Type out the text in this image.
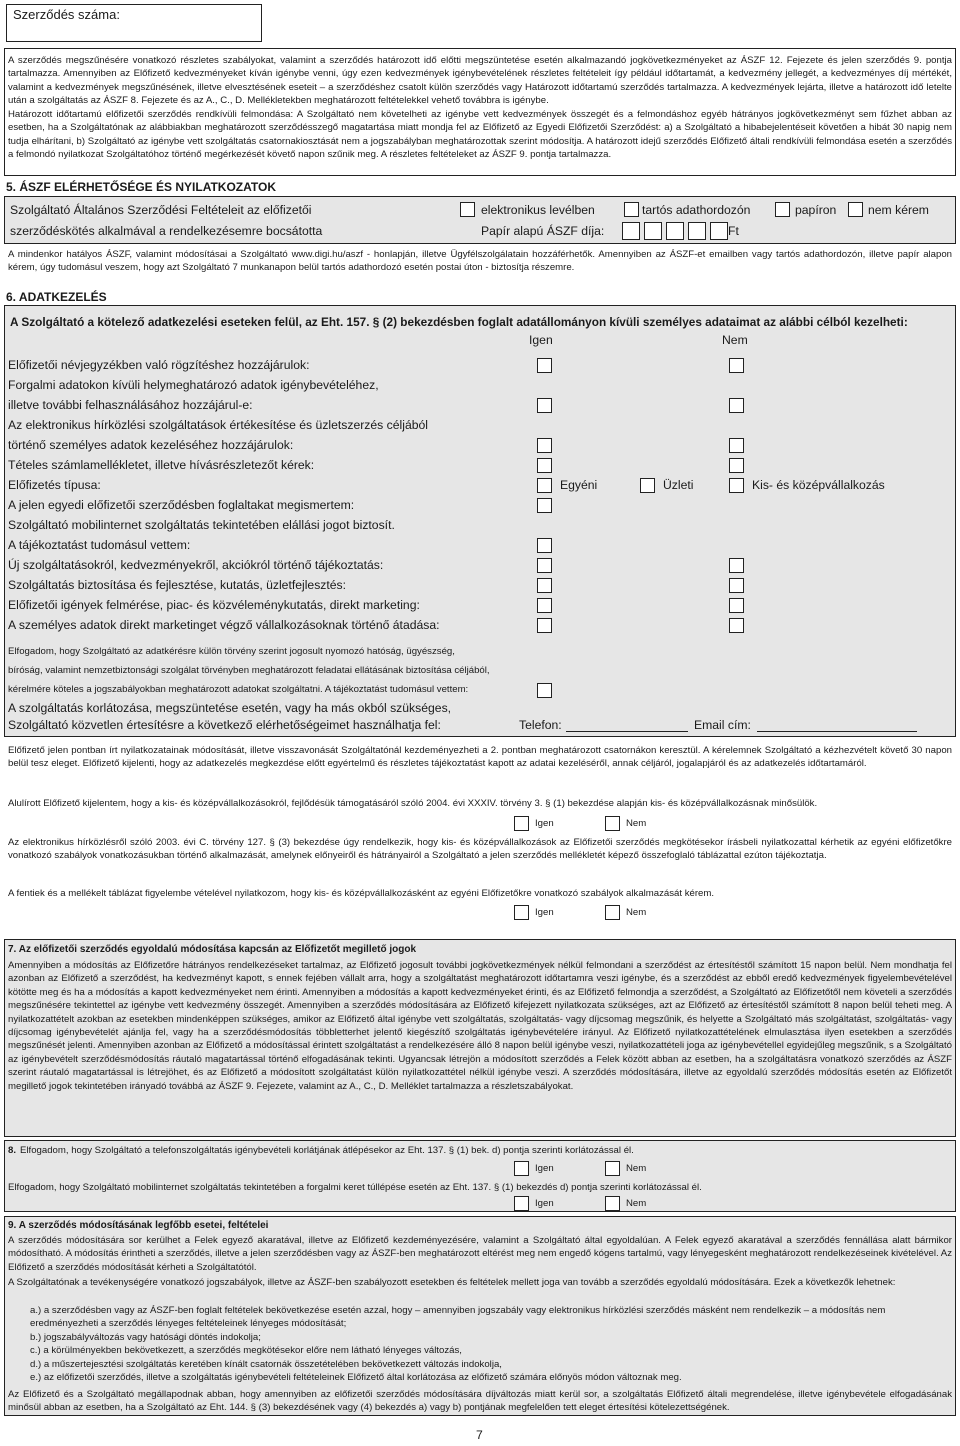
Szerződés száma:

A szerződés megszűnésére vonatkozó részletes szabályokat, valamint a szerződés határozott idő előtti megszüntetése esetén alkalmazandó jogkövetkezményeket az ÁSZF 12. Fejezete és jelen szerződés 9. pontja tartalmazza. Amennyiben az Előfizető kedvezményeket kíván igénybe venni, úgy ezen kedvezmények igénybevételének részletes feltételeit így például időtartamát, a kedvezmény jellegét, a kedvezményes díj mértékét, valamint a kedvezmények megszűnésének, illetve elvesztésének eseteit – a szerződéshez csatolt külön szerződés vagy Határozott időtartamú szerződés tartalmazza. A kedvezmények lejárta, illetve a határozott idő letelte után a szolgáltatás az ÁSZF 8. Fejezete és az A., C., D. Mellékletekben meghatározott feltételekkel vehető továbbra is igénybe.

Határozott időtartamú előfizetői szerződés rendkívüli felmondása: A Szolgáltató nem követelheti az igénybe vett kedvezmények összegét és a felmondáshoz egyéb hátrányos jogkövetkezményt sem fűzhet abban az esetben, ha a Szolgáltatónak az alábbiakban meghatározott szerződésszegő magatartása miatt mondja fel az Előfizető az Egyedi Előfizetői Szerződést: a) a Szolgáltató a hibabejelentéseit követően a hibát 30 napig nem tudja elhárítani, b) Szolgáltató az igénybe vett szolgáltatás csatornakiosztását nem a jogszabályban meghatározottak szerint módosítja. A határozott idejű szerződés Előfizető általi rendkívüli felmondása esetén a szerződés a felmondó nyilatkozat Szolgáltatóhoz történő megérkezését követő napon szűnik meg. A részletes feltételeket az ÁSZF 9. pontja tartalmazza.

5. ÁSZF ELÉRHETŐSÉGE ÉS NYILATKOZATOK
Szolgáltató Általános Szerződési Feltételeit az előfizetői
szerződéskötés alkalmával a rendelkezésemre bocsátotta
elektronikus levélben	tartós adathordozón	papíron	nem kérem
Papír alapú ÁSZF díja:	Ft

A mindenkor hatályos ÁSZF, valamint módosításai a Szolgáltató www.digi.hu/aszf - honlapján, illetve Ügyfélszolgálatain hozzáférhetők. Amennyiben az ÁSZF-et emailben vagy tartós adathordozón, illetve papír alapon kérem, úgy tudomásul veszem, hogy azt Szolgáltató 7 munkanapon belül tartós adathordozó esetén postai úton - biztosítja részemre.

6. ADATKEZELÉS
A Szolgáltató a kötelező adatkezelési eseteken felül, az Eht. 157. § (2) bekezdésben foglalt adatállományon kívüli személyes adataimat az alábbi célból kezelheti:
Igen	Nem
Előfizetői névjegyzékben való rögzítéshez hozzájárulok:
Forgalmi adatokon kívüli helymeghatározó adatok igénybevételéhez,
illetve további felhasználásához hozzájárul-e:
Az elektronikus hírközlési szolgáltatások értékesítése és üzletszerzés céljából
történő személyes adatok kezeléséhez hozzájárulok:
Tételes számlamellékletet, illetve hívásrészletezőt kérek:
Előfizetés típusa:	Egyéni	Üzleti	Kis- és középvállalkozás
A jelen egyedi előfizetői szerződésben foglaltakat megismertem:
Szolgáltató mobilinternet szolgáltatás tekintetében elállási jogot biztosít.
A tájékoztatást tudomásul vettem:
Új szolgáltatásokról, kedvezményekről, akciókról történő tájékoztatás:
Szolgáltatás biztosítása és fejlesztése, kutatás, üzletfejlesztés:
Előfizetői igények felmérése, piac- és közvéleménykutatás, direkt marketing:
A személyes adatok direkt marketinget végző vállalkozásoknak történő átadása:
Elfogadom, hogy Szolgáltató az adatkérésre külön törvény szerint jogosult nyomozó hatóság, ügyészség,
bíróság, valamint nemzetbiztonsági szolgálat törvényben meghatározott feladatai ellátásának biztosítása céljából,
kérelmére köteles a jogszabályokban meghatározott adatokat szolgáltatni. A tájékoztatást tudomásul vettem:
A szolgáltatás korlátozása, megszüntetése esetén, vagy ha más okból szükséges,
Szolgáltató közvetlen értesítésre a következő elérhetőségeimet használhatja fel:	Telefon:	Email cím:

Előfizető jelen pontban írt nyilatkozatainak módosítását, illetve visszavonását Szolgáltatónál kezdeményezheti a 2. pontban meghatározott csatornákon keresztül. A kérelemnek Szolgáltató a kézhezvételt követő 30 napon belül tesz eleget. Előfizető kijelenti, hogy az adatkezelés megkezdése előtt egyértelmű és részletes tájékoztatást kapott az adatai kezeléséről, annak céljáról, jogalapjáról és az adatkezelés időtartamáról.

Alulírott Előfizető kijelentem, hogy a kis- és középvállalkozásokról, fejlődésük támogatásáról szóló 2004. évi XXXIV. törvény 3. § (1) bekezdése alapján kis- és középvállalkozásnak minősülök.

Igen	Nem

Az elektronikus hírközlésről szóló 2003. évi C. törvény 127. § (3) bekezdése úgy rendelkezik, hogy kis- és középvállalkozások az Előfizetői szerződés megkötésekor írásbeli nyilatkozattal kérhetik az egyéni előfizetőkre vonatkozó szabályok vonatkozásukban történő alkalmazását, amelynek előnyeiről és hátrányairól a Szolgáltató a jelen szerződés mellékletét képező összefoglaló táblázattal ezúton tájékoztatja.

A fentiek és a mellékelt táblázat figyelembe vételével nyilatkozom, hogy kis- és középvállalkozásként az egyéni Előfizetőkre vonatkozó szabályok alkalmazását kérem.

Igen	Nem
7. Az előfizetői szerződés egyoldalú módosítása kapcsán az Előfizetőt megillető jogok

Amennyiben a módosítás az Előfizetőre hátrányos rendelkezéseket tartalmaz, az Előfizető jogosult további jogkövetkezmények nélkül felmondani a szerződést az értesítéstől számított 15 napon belül. Nem mondhatja fel azonban az Előfizető a szerződést, ha kedvezményt kapott, s ennek fejében vállalt arra, hogy a szolgáltatást meghatározott időtartamra veszi igénybe, és a szerződést az ebből eredő kedvezmények figyelembevételével kötötte meg és ha a módosítás a kapott kedvezményeket nem érinti. Amennyiben a módosítás a kapott kedvezményeket érinti, és az Előfizető felmondja a szerződést, a Szolgáltató az Előfizetőtől nem követeli a szerződés megszűnésére tekintettel az igénybe vett kedvezmény összegét. Amennyiben a szerződés módosítására az Előfizető kifejezett nyilatkozata szükséges, azt az Előfizető az értesítéstől számított 8 napon belül teheti meg. A nyilatkozattételt azokban az esetekben mindenképpen szükséges, amikor az Előfizető által igénybe vett szolgáltatás, szolgáltatás- vagy díjcsomag megszűnik, és helyette a Szolgáltató más szolgáltatást, szolgáltatás- vagy díjcsomag igénybevételét ajánlja fel, vagy ha a szerződésmódosítás többletterhet jelentő kiegészítő szolgáltatás igénybevételére irányul. Az Előfizető nyilatkozattételének elmulasztása ilyen esetekben a szerződés megszűnését jelenti. Amennyiben azonban az Előfizető a módosítással érintett szolgáltatást a rendelkezésére álló 8 napon belül igénybe veszi, nyilatkozattételi joga az igénybevétellel egyidejűleg megszűnik, s a Szolgáltató az igénybevételt szerződésmódosítás ráutaló magatartással történő elfogadásának tekinti. Ugyancsak létrejön a módosított szerződés a Felek között abban az esetben, ha a szolgáltatásra vonatkozó szerződés az ÁSZF szerint ráutaló magatartással is létrejöhet, és az Előfizető a módosított szolgáltatást külön nyilatkozattétel nélkül igénybe veszi. A szerződés módosítására, illetve az egyoldalú szerződés módosítás esetén az Előfizetőt megillető jogok tekintetében irányadó továbbá az ÁSZF 9. Fejezete, valamint az A., C., D. Melléklet tartalmazza a részletszabályokat.

8. Elfogadom, hogy Szolgáltató a telefonszolgáltatás igénybevételi korlátjának átlépésekor az Eht. 137. § (1) bek. d) pontja szerinti korlátozással él.
Igen	Nem
Elfogadom, hogy Szolgáltató mobilinternet szolgáltatás tekintetében a forgalmi keret túllépése esetén az Eht. 137. § (1) bekezdés d) pontja szerinti korlátozással él.
Igen	Nem
9. A szerződés módosításának legfőbb esetei, feltételei

A szerződés módosítására sor kerülhet a Felek egyező akaratával, illetve az Előfizető kezdeményezésére, valamint a Szolgáltató által egyoldalúan. A Felek egyező akaratával a szerződés fennállása alatt bármikor módosítható. A módosítás érintheti a szerződés, illetve a jelen szerződésben vagy az ÁSZF-ben meghatározott eltérést meg nem engedő kógens tartalmú, vagy lényegesként meghatározott rendelkezéseinek kivételével. Az Előfizető a szerződés módosítását kérheti a Szolgáltatótól.

A Szolgáltatónak a tevékenységére vonatkozó jogszabályok, illetve az ÁSZF-ben szabályozott esetekben és feltételek mellett joga van tovább a szerződés egyoldalú módosítására. Ezek a következők lehetnek:

a.) a szerződésben vagy az ÁSZF-ben foglalt feltételek bekövetkezése esetén azzal, hogy – amennyiben jogszabály vagy elektronikus hírközlési szerződés másként nem rendelkezik – a módosítás nem eredményezheti a szerződés lényeges feltételeinek lényeges módosítását;
b.) jogszabályváltozás vagy hatósági döntés indokolja;
c.) a körülményekben bekövetkezett, a szerződés megkötésekor előre nem látható lényeges változás,
d.) a műszertejesztési szolgáltatás keretében kínált csatornák összetételében bekövetkezett változás indokolja,
e.) az előfizetői szerződés, illetve a szolgáltatás igénybevételi feltételeinek Előfizető által korlátozása az előfizető számára előnyös módon változnak meg.

Az Előfizető és a Szolgáltató megállapodnak abban, hogy amennyiben az előfizetői szerződés módosítására díjváltozás miatt kerül sor, a szolgáltatás Előfizető általi megrendelése, illetve igénybevétele elfogadásának minősül abban az esetben, ha a Szolgáltató az Eht. 144. § (3) bekezdésének vagy (4) bekezdés a) vagy b) pontjának megfelelően tett eleget értesítési kötelezettségének.

7
